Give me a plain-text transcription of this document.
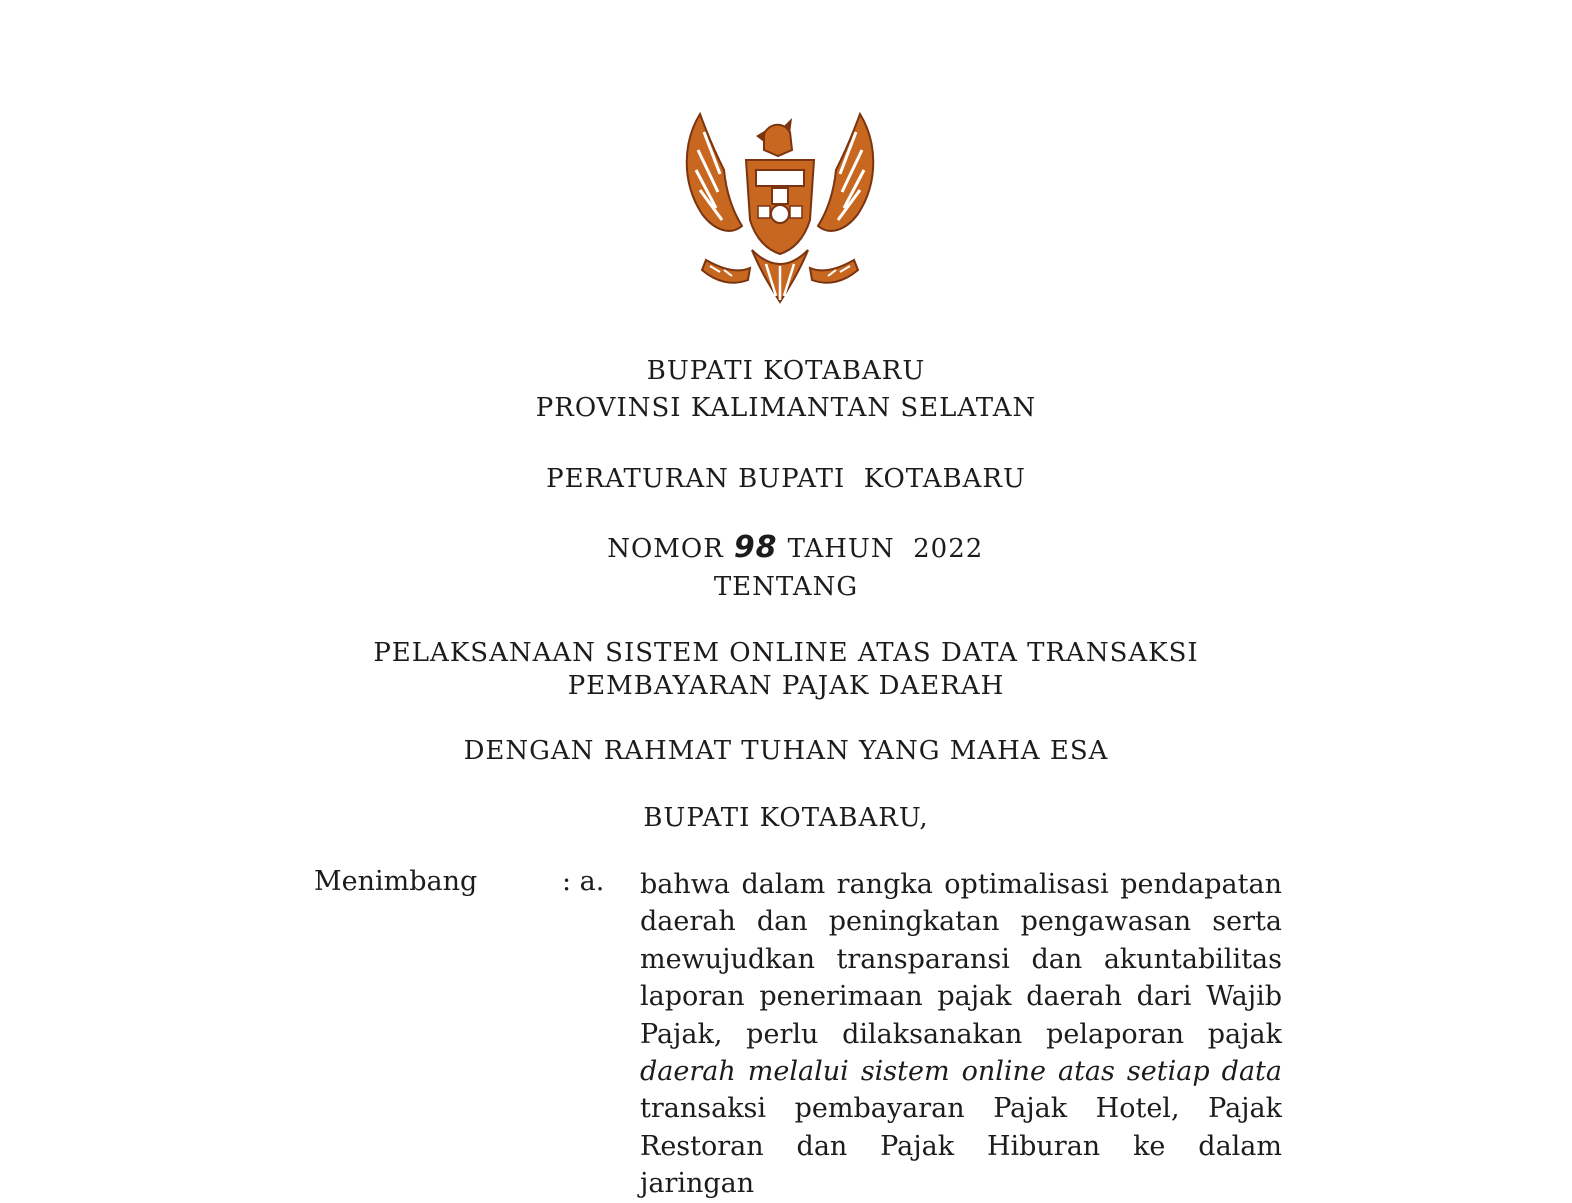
BUPATI KOTABARU
PROVINSI KALIMANTAN SELATAN
PERATURAN BUPATI  KOTABARU

NOMOR 98 TAHUN  2022

TENTANG
PELAKSANAAN SISTEM ONLINE ATAS DATA TRANSAKSI
PEMBAYARAN PAJAK DAERAH
DENGAN RAHMAT TUHAN YANG MAHA ESA
BUPATI KOTABARU,
Menimbang	: a. bahwa dalam rangka optimalisasi pendapatan
daerah dan peningkatan pengawasan serta
mewujudkan transparansi dan akuntabilitas
laporan penerimaan pajak daerah dari Wajib
Pajak, perlu dilaksanakan pelaporan pajak
daerah melalui sistem online atas setiap data
transaksi pembayaran Pajak Hotel, Pajak
Restoran dan Pajak Hiburan ke dalam jaringan
